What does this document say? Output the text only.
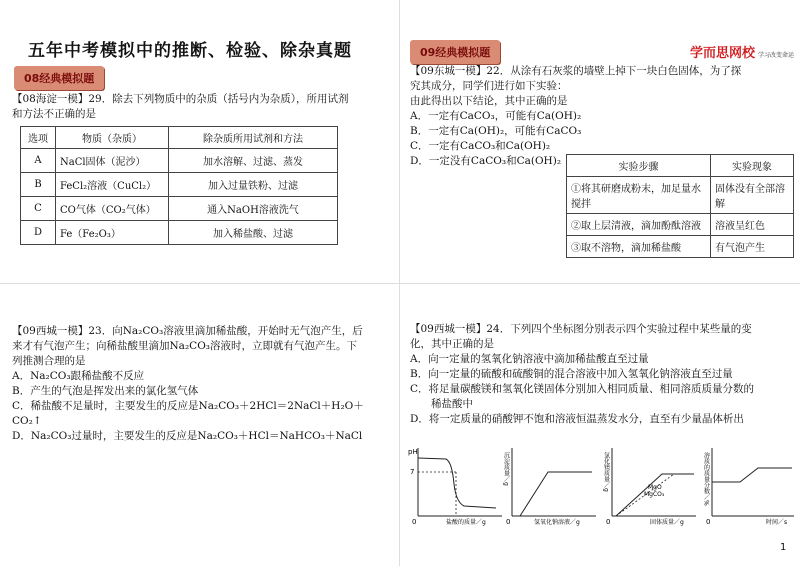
五年中考模拟中的推断、检验、除杂真题
08经典模拟题

【08海淀一模】29．除去下列物质中的杂质（括号内为杂质），所用试剂

和方法不正确的是

选项	物质（杂质）	除杂质所用试剂和方法
A	NaCl固体（泥沙）	加水溶解、过滤、蒸发
B	FeCl₂溶液（CuCl₂）	加入过量铁粉、过滤
C	CO气体（CO₂气体）	通入NaOH溶液洗气
D	Fe（Fe₂O₃）	加入稀盐酸、过滤
09经典模拟题	学而思网校 学习改变命运

【09东城一模】22．从涂有石灰浆的墙壁上掉下一块白色固体，为了探

究其成分，同学们进行如下实验：

由此得出以下结论，其中正确的是

A．一定有CaCO₃，可能有Ca(OH)₂

B．一定有Ca(OH)₂，可能有CaCO₃

C．一定有CaCO₃和Ca(OH)₂

D．一定没有CaCO₃和Ca(OH)₂

实验步骤	实验现象
①将其研磨成粉末，加足量水搅拌	固体没有全部溶解
②取上层清液，滴加酚酞溶液	溶液呈红色
③取不溶物，滴加稀盐酸	有气泡产生

【09西城一模】23．向Na₂CO₃溶液里滴加稀盐酸，开始时无气泡产生，后

来才有气泡产生；向稀盐酸里滴加Na₂CO₃溶液时，立即就有气泡产生。下

列推测合理的是

A．Na₂CO₃跟稀盐酸不反应

B．产生的气泡是挥发出来的氯化氢气体

C．稀盐酸不足量时，主要发生的反应是Na₂CO₃＋2HCl＝2NaCl＋H₂O＋

CO₂↑

D．Na₂CO₃过量时，主要发生的反应是Na₂CO₃＋HCl＝NaHCO₃＋NaCl

【09西城一模】24．下列四个坐标图分别表示四个实验过程中某些量的变

化，其中正确的是

A．向一定量的氢氧化钠溶液中滴加稀盐酸直至过量

B．向一定量的硫酸和硫酸铜的混合溶液中加入氢氧化钠溶液直至过量

C．将足量碳酸镁和氢氧化镁固体分别加入相同质量、相同溶质质量分数的

　　稀盐酸中

D．将一定质量的硝酸钾不饱和溶液恒温蒸发水分，直至有少量晶体析出

pH
7
0	盐酸的质量／g
沉淀质量／g
0	氢氧化钠溶液／g
氯化镁质量／g	MgO
MgCO₃
0	固体质量／g
溶质的质量分数／%
0	时间／s
1
